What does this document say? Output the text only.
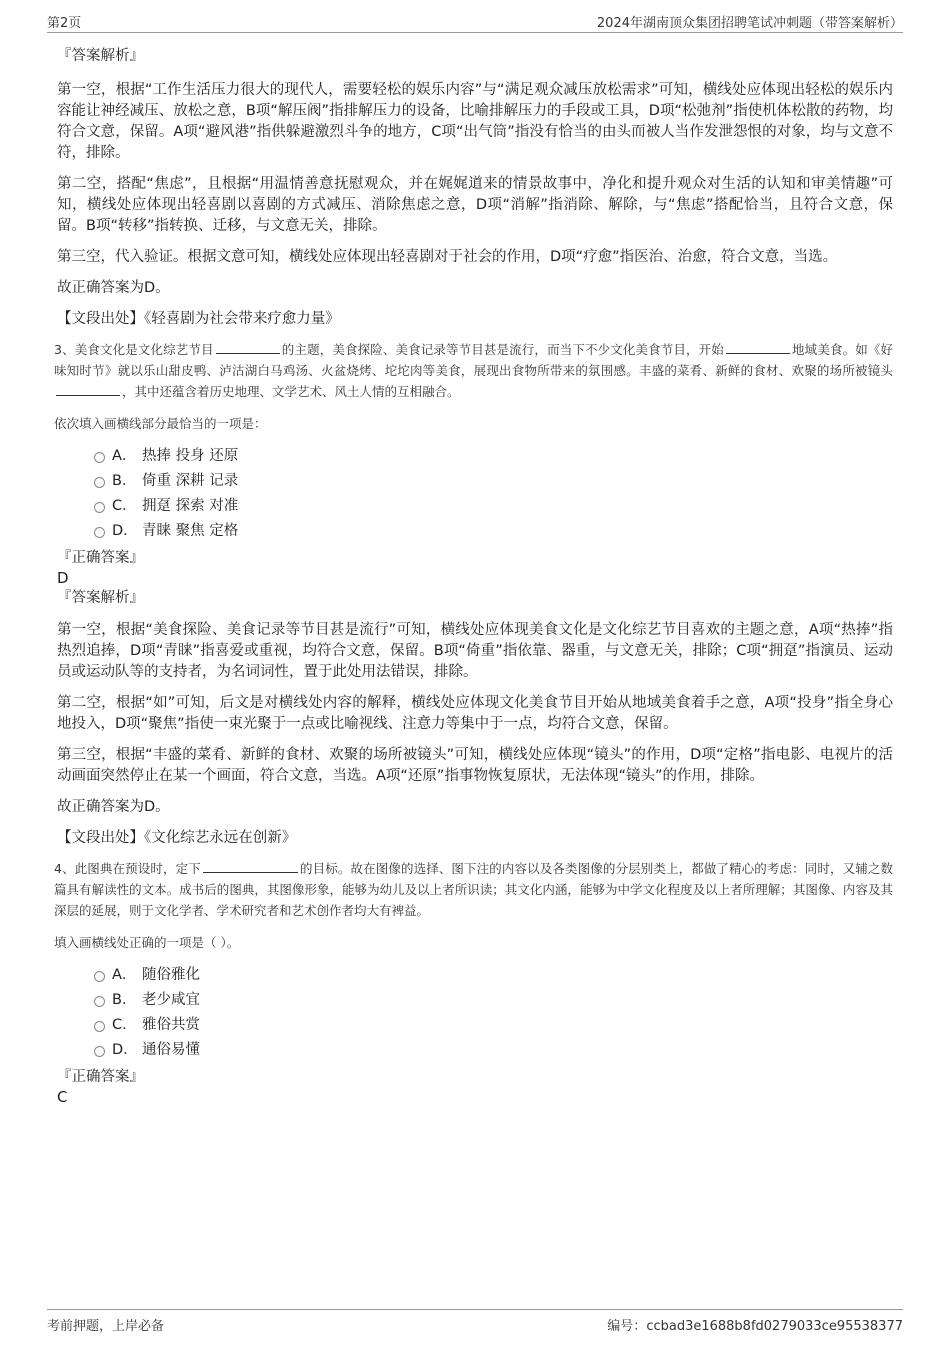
第2页	2024年湖南顶众集团招聘笔试冲刺题（带答案解析）

『答案解析』

第一空，根据“工作生活压力很大的现代人，需要轻松的娱乐内容”与“满足观众减压放松需求”可知，横线处应体现出轻松的娱乐内容能让神经减压、放松之意，B项“解压阀”指排解压力的设备，比喻排解压力的手段或工具，D项“松弛剂”指使机体松散的药物，均符合文意，保留。A项“避风港”指供躲避激烈斗争的地方，C项“出气筒”指没有恰当的由头而被人当作发泄怨恨的对象，均与文意不符，排除。

第二空，搭配“焦虑”，且根据“用温情善意抚慰观众，并在娓娓道来的情景故事中，净化和提升观众对生活的认知和审美情趣”可知，横线处应体现出轻喜剧以喜剧的方式减压、消除焦虑之意，D项“消解”指消除、解除，与“焦虑”搭配恰当，且符合文意，保留。B项“转移”指转换、迁移，与文意无关，排除。

第三空，代入验证。根据文意可知，横线处应体现出轻喜剧对于社会的作用，D项“疗愈”指医治、治愈，符合文意，当选。

故正确答案为D。

【文段出处】《轻喜剧为社会带来疗愈力量》

3、美食文化是文化综艺节目	的主题，美食探险、美食记录等节目甚是流行，而当下不少文化美食节目，开始	地域美食。如《好味知时节》就以乐山甜皮鸭、泸沽湖白马鸡汤、火盆烧烤、坨坨肉等美食，展现出食物所带来的氛围感。丰盛的菜肴、新鲜的食材、欢聚的场所被镜头，其中还蕴含着历史地理、文学艺术、风土人情的互相融合。

依次填入画横线部分最恰当的一项是：

A． 热捧 投身 还原
B． 倚重 深耕 记录
C． 拥趸 探索 对准
D． 青睐 聚焦 定格

『正确答案』

D

『答案解析』

第一空，根据“美食探险、美食记录等节目甚是流行”可知，横线处应体现美食文化是文化综艺节目喜欢的主题之意，A项“热捧”指热烈追捧，D项“青睐”指喜爱或重视，均符合文意，保留。B项“倚重”指依靠、器重，与文意无关，排除；C项“拥趸”指演员、运动员或运动队等的支持者，为名词词性，置于此处用法错误，排除。

第二空，根据“如”可知，后文是对横线处内容的解释，横线处应体现文化美食节目开始从地域美食着手之意，A项“投身”指全身心地投入，D项“聚焦”指使一束光聚于一点或比喻视线、注意力等集中于一点，均符合文意，保留。

第三空，根据“丰盛的菜肴、新鲜的食材、欢聚的场所被镜头”可知，横线处应体现“镜头”的作用，D项“定格”指电影、电视片的活动画面突然停止在某一个画面，符合文意，当选。A项“还原”指事物恢复原状，无法体现“镜头”的作用，排除。

故正确答案为D。

【文段出处】《文化综艺永远在创新》

4、此图典在预设时，定下	的目标。故在图像的选择、图下注的内容以及各类图像的分层别类上，都做了精心的考虑：同时，又辅之数篇具有解读性的文本。成书后的图典，其图像形象，能够为幼儿及以上者所识读；其文化内涵，能够为中学文化程度及以上者所理解；其图像、内容及其深层的延展，则于文化学者、学术研究者和艺术创作者均大有裨益。

填入画横线处正确的一项是（ ）。

A． 随俗雅化
B． 老少咸宜
C． 雅俗共赏
D． 通俗易懂

『正确答案』

C

考前押题，上岸必备	编号：ccbad3e1688b8fd0279033ce95538377
